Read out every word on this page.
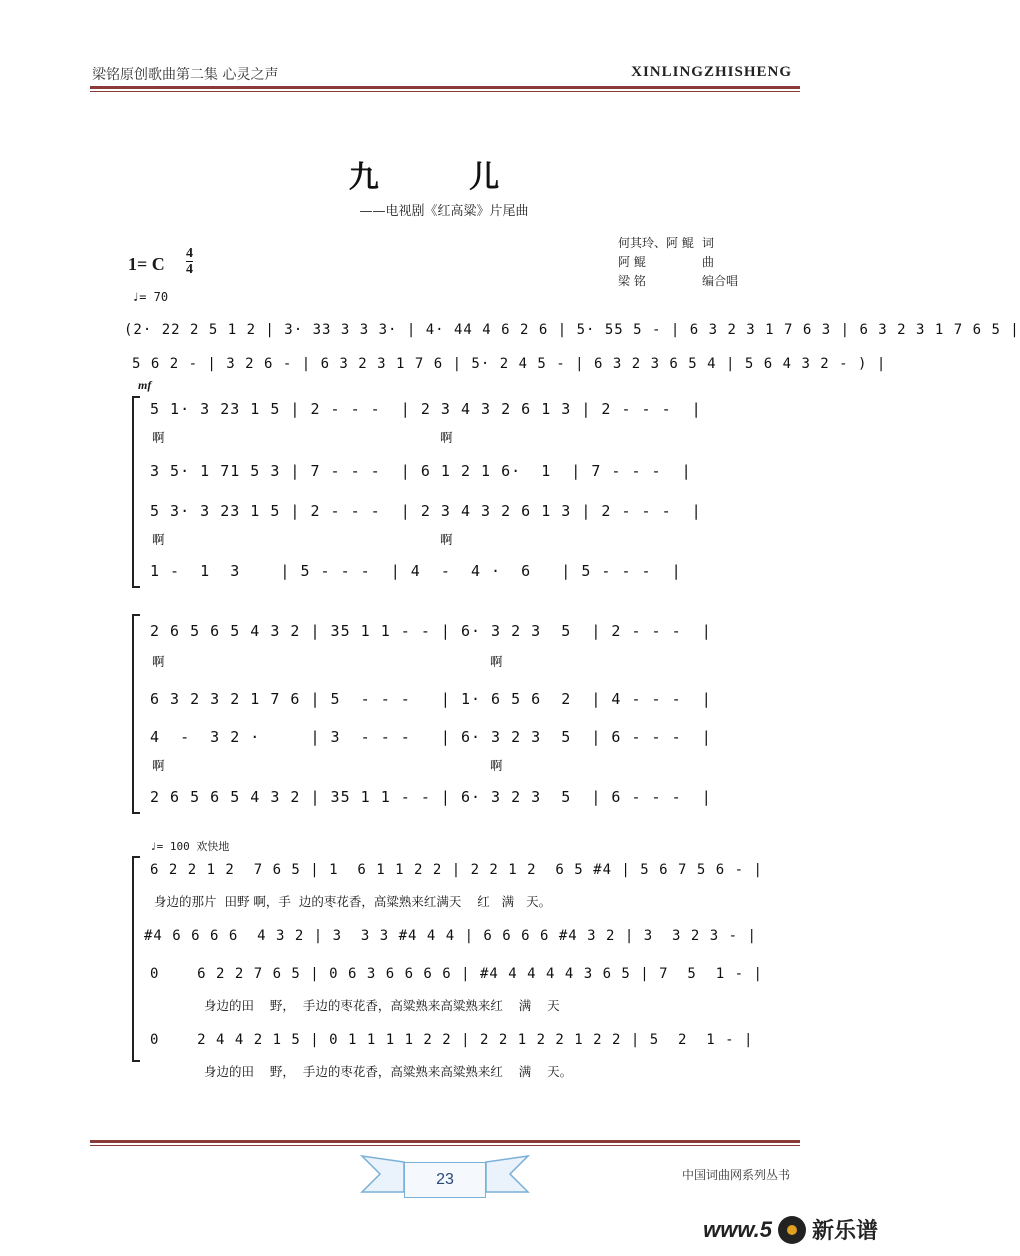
梁铭原创歌曲第二集 心灵之声	XINLINGZHISHENG
九 儿
——电视剧《红高粱》片尾曲
1= C $\frac{4}{4}$
♩= 70
何其玲、阿 鲲 词
阿 鲲	曲
梁 铭	编合唱
(2· 22 2 5 1 2 | 3· 33 3 3 3· | 4· 44 4 6 2 6 | 5· 55 5 - | 6 3 2 3 1 7 6 3 | 6 3 2 3 1 7 6 5 |
5 6 2 - | 3 2 6 - | 6 3 2 3 1 7 6 | 5· 2 4 5 - | 6 3 2 3 6 5 4 | 5 6 4 3 2 - ) |
mf
5 1· 3 23 1 5 | 2 - - -  | 2 3 4 3 2 6 1 3 | 2 - - -  |
啊	啊
3 5· 1 71 5 3 | 7 - - -  | 6 1 2 1 6·  1  | 7 - - -  |
5 3· 3 23 1 5 | 2 - - -  | 2 3 4 3 2 6 1 3 | 2 - - -  |
啊	啊
1 -  1  3    | 5 - - -  | 4  -  4 ·  6   | 5 - - -  |
2 6 5 6 5 4 3 2 | 35 1 1 - - | 6· 3 2 3  5  | 2 - - -  |
啊	啊
6 3 2 3 2 1 7 6 | 5  - - -   | 1· 6 5 6  2  | 4 - - -  |
4  -  3 2 ·     | 3  - - -   | 6· 3 2 3  5  | 6 - - -  |
啊	啊
2 6 5 6 5 4 3 2 | 35 1 1 - - | 6· 3 2 3  5  | 6 - - -  |
♩= 100 欢快地
6 2 2 1 2  7 6 5 | 1  6 1 1 2 2 | 2 2 1 2  6 5 #4 | 5 6 7 5 6 - |
身边的那片  田野 啊，手  边的枣花香，高粱熟来红满天    红   满   天。
#4 6 6 6 6  4 3 2 | 3  3 3 #4 4 4 | 6 6 6 6 #4 3 2 | 3  3 2 3 - |
0    6 2 2 7 6 5 | 0 6 3 6 6 6 6 | #4 4 4 4 4 3 6 5 | 7  5  1 - |
身边的田    野，  手边的枣花香，高粱熟来高粱熟来红    满    天
0    2 4 4 2 1 5 | 0 1 1 1 1 2 2 | 2 2 1 2 2 1 2 2 | 5  2  1 - |
身边的田    野，  手边的枣花香，高粱熟来高粱熟来红    满    天。
23	中国词曲网系列丛书
www.5 新乐谱
